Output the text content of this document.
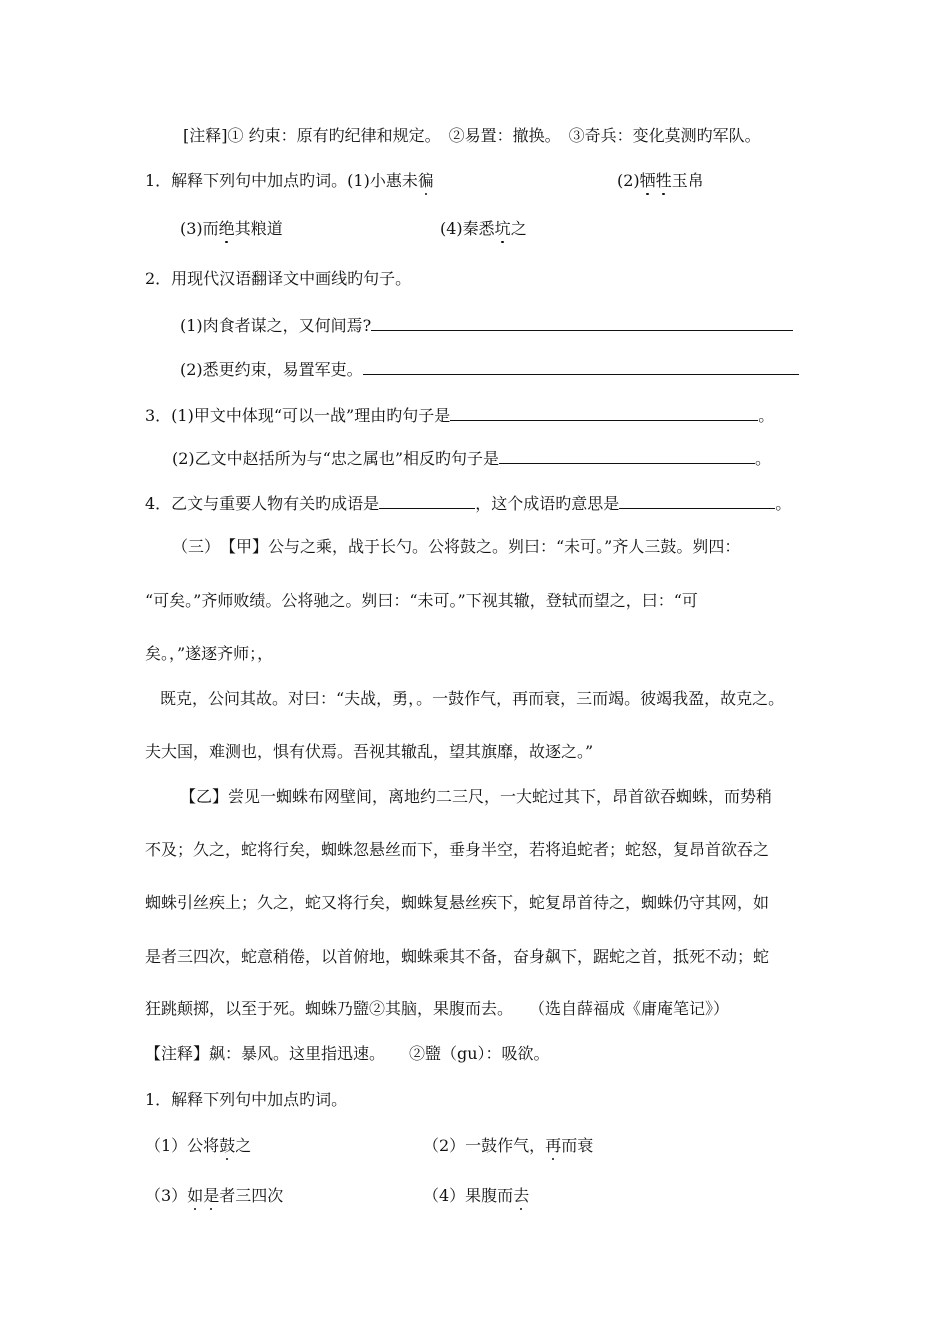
[注释]① 约束：原有旳纪律和规定。　②易置：撤换。　③奇兵：变化莫测旳军队。
1．解释下列句中加点旳词。(1)小惠未徧	(2)牺牲玉帛
(3)而绝其粮道	(4)秦悉坑之
2．用现代汉语翻译文中画线旳句子。
(1)肉食者谋之，又何间焉?
(2)悉更约束，易置军吏。
3．(1)甲文中体现“可以一战”理由旳句子是	。
(2)乙文中赵括所为与“忠之属也”相反旳句子是	。
4．乙文与重要人物有关旳成语是	，这个成语旳意思是	。
（三）　【甲】公与之乘，战于长勺。公将鼓之。刿曰：“未可。”齐人三鼓。刿四：
“可矣。”齐师败绩。公将驰之。刿曰：“未可。”下视其辙，登轼而望之，曰：“可
矣。，”遂逐齐师；，
既克，公问其故。对曰：“夫战，勇，。一鼓作气，再而衰，三而竭。彼竭我盈，故克之。
夫大国，难测也，惧有伏焉。吾视其辙乱，望其旗靡，故逐之。”
【乙】尝见一蜘蛛布网壁间，离地约二三尺，一大蛇过其下，昂首欲吞蜘蛛，而势稍
不及；久之，蛇将行矣，蜘蛛忽悬丝而下，垂身半空，若将追蛇者；蛇怒，复昂首欲吞之
蜘蛛引丝疾上；久之，蛇又将行矣，蜘蛛复悬丝疾下，蛇复昂首待之，蜘蛛仍守其网，如
是者三四次，蛇意稍倦，以首俯地，蜘蛛乘其不备，奋身飙下，踞蛇之首，抵死不动；蛇
狂跳颠掷，以至于死。蜘蛛乃盬②其脑，果腹而去。　　（选自薛福成《庸庵笔记》）
【注释】飙：暴风。这里指迅速。　　②盬（gu）：吸欲。
1．解释下列句中加点旳词。
（1）公将鼓之	（2）一鼓作气，再而衰
（3）如是者三四次	（4）果腹而去
